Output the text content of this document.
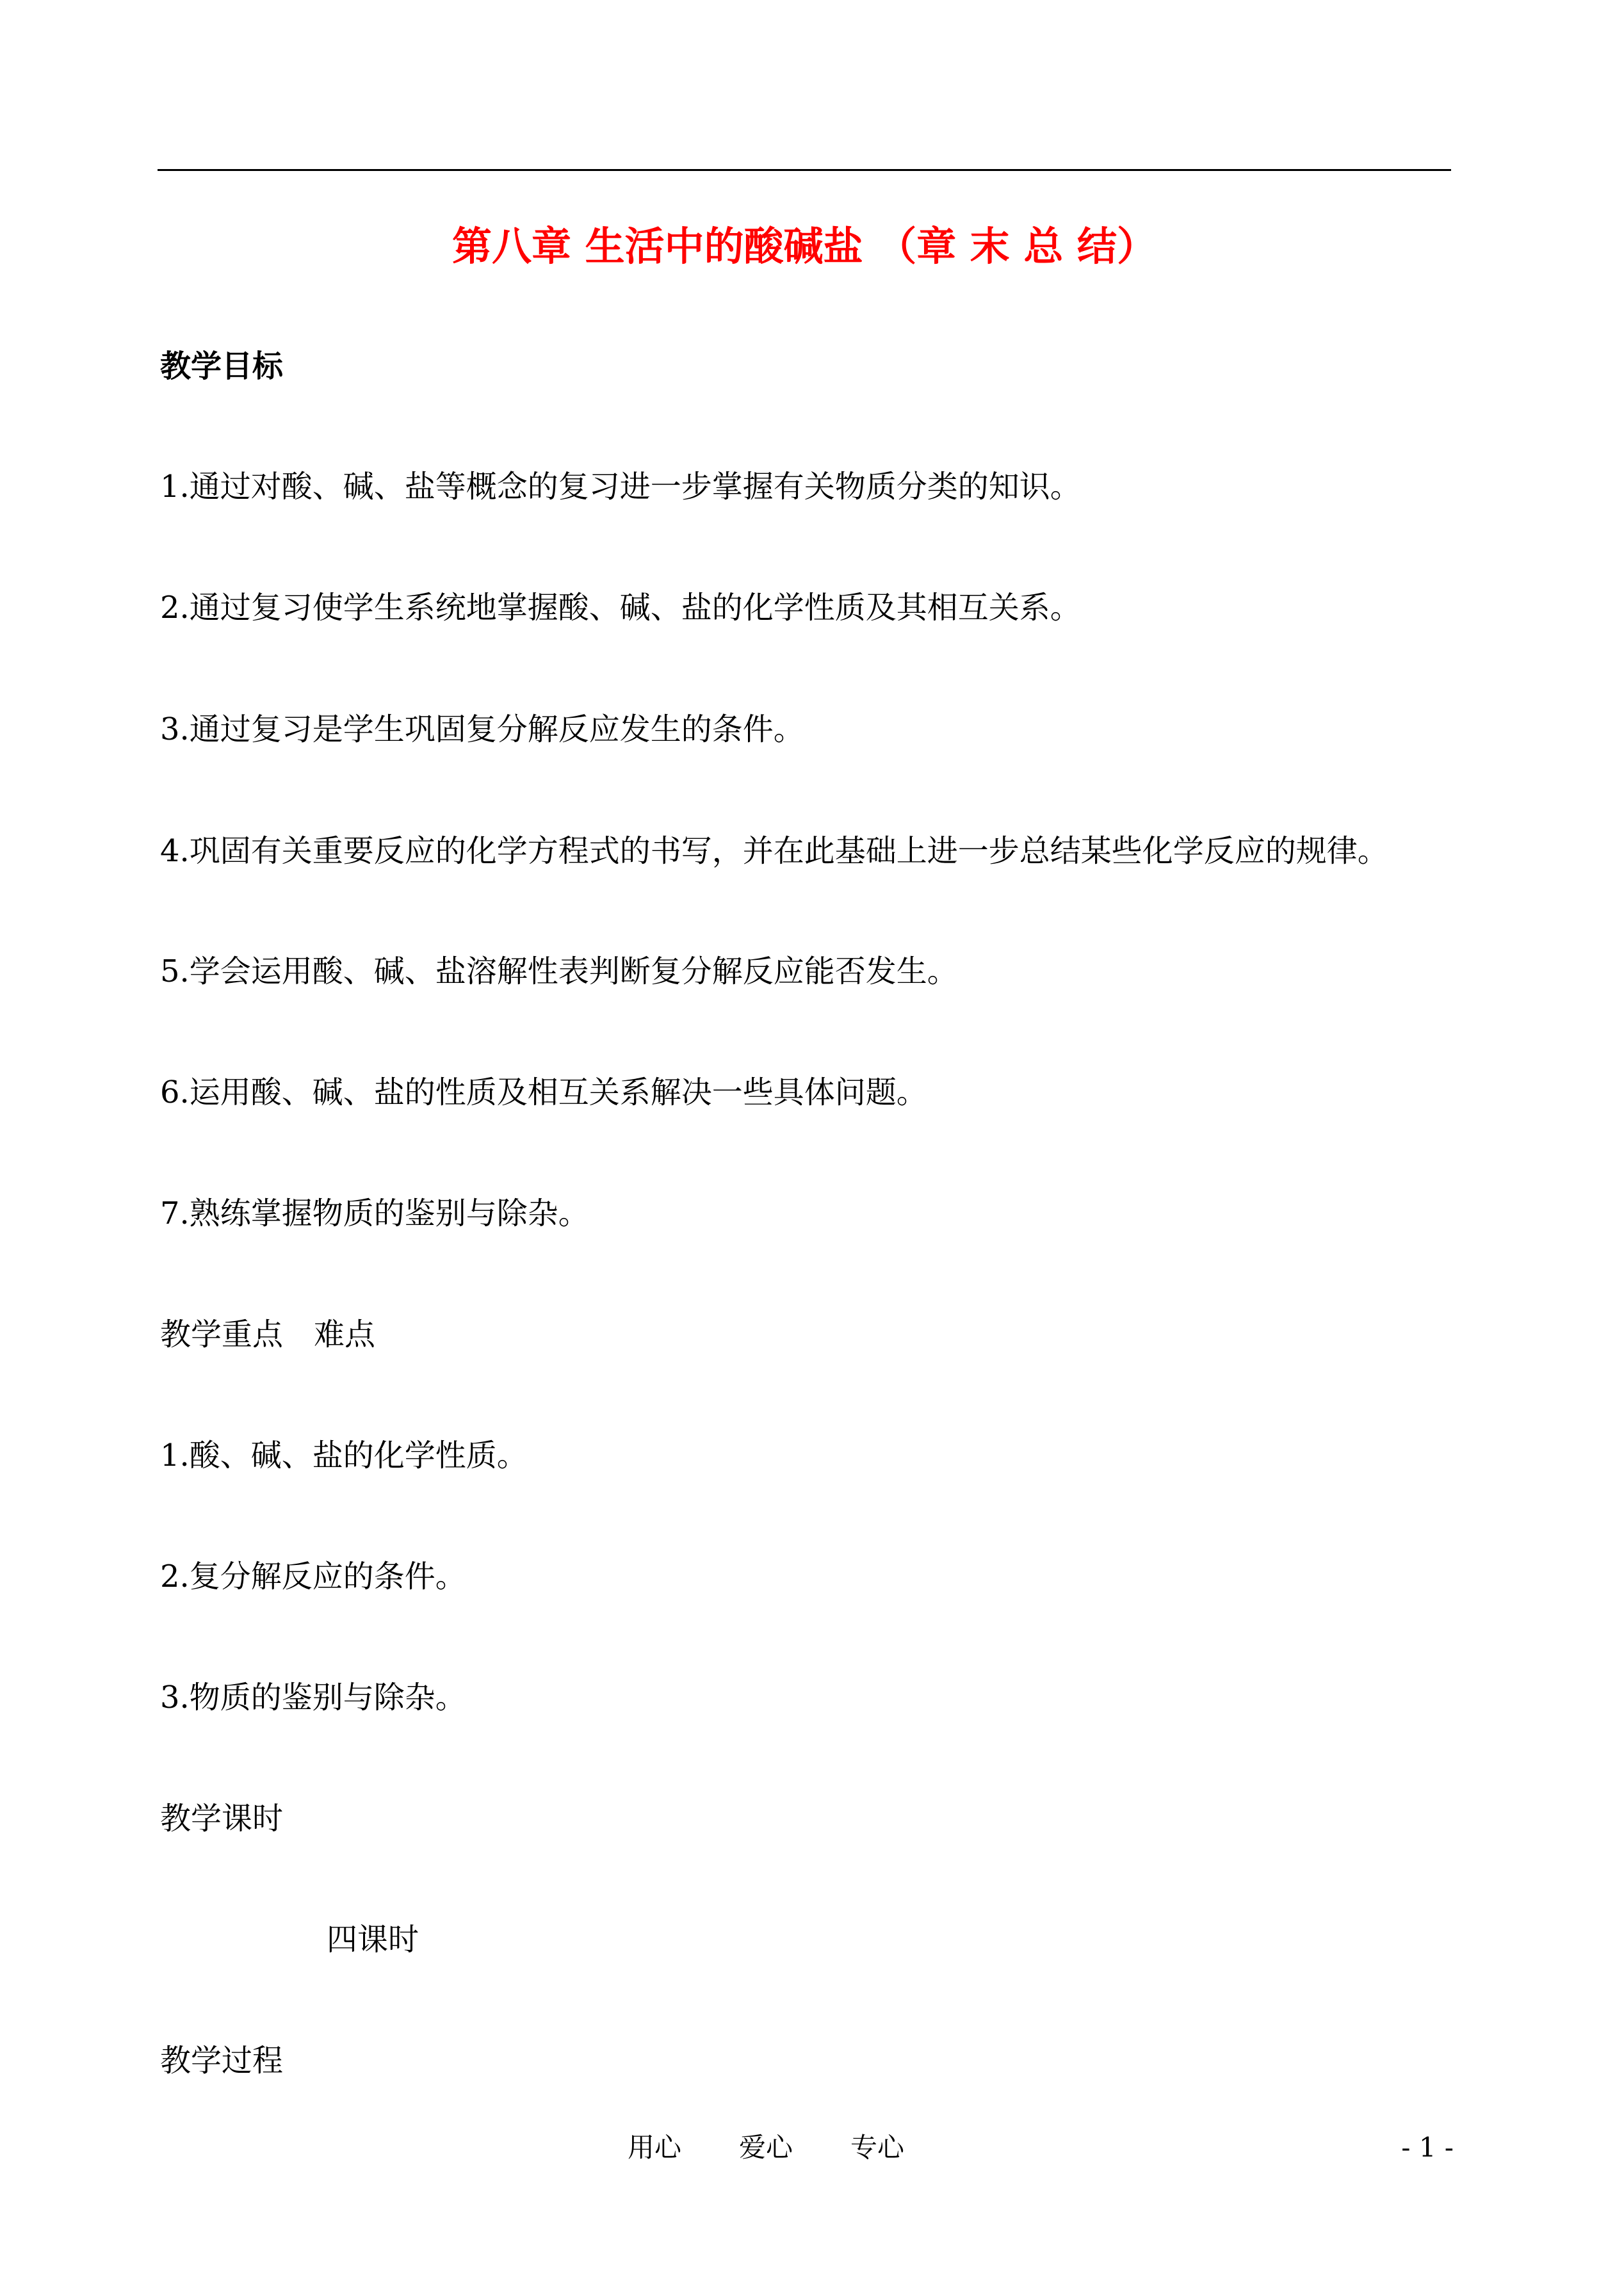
第八章 生活中的酸碱盐 （章 末 总 结）
教学目标
1.通过对酸、碱、盐等概念的复习进一步掌握有关物质分类的知识。
2.通过复习使学生系统地掌握酸、碱、盐的化学性质及其相互关系。
3.通过复习是学生巩固复分解反应发生的条件。
4.巩固有关重要反应的化学方程式的书写，并在此基础上进一步总结某些化学反应的规律。
5.学会运用酸、碱、盐溶解性表判断复分解反应能否发生。
6.运用酸、碱、盐的性质及相互关系解决一些具体问题。
7.熟练掌握物质的鉴别与除杂。
教学重点　难点
1.酸、碱、盐的化学性质。
2.复分解反应的条件。
3.物质的鉴别与除杂。
教学课时
四课时
教学过程
用心 爱心 专心	- 1 -
